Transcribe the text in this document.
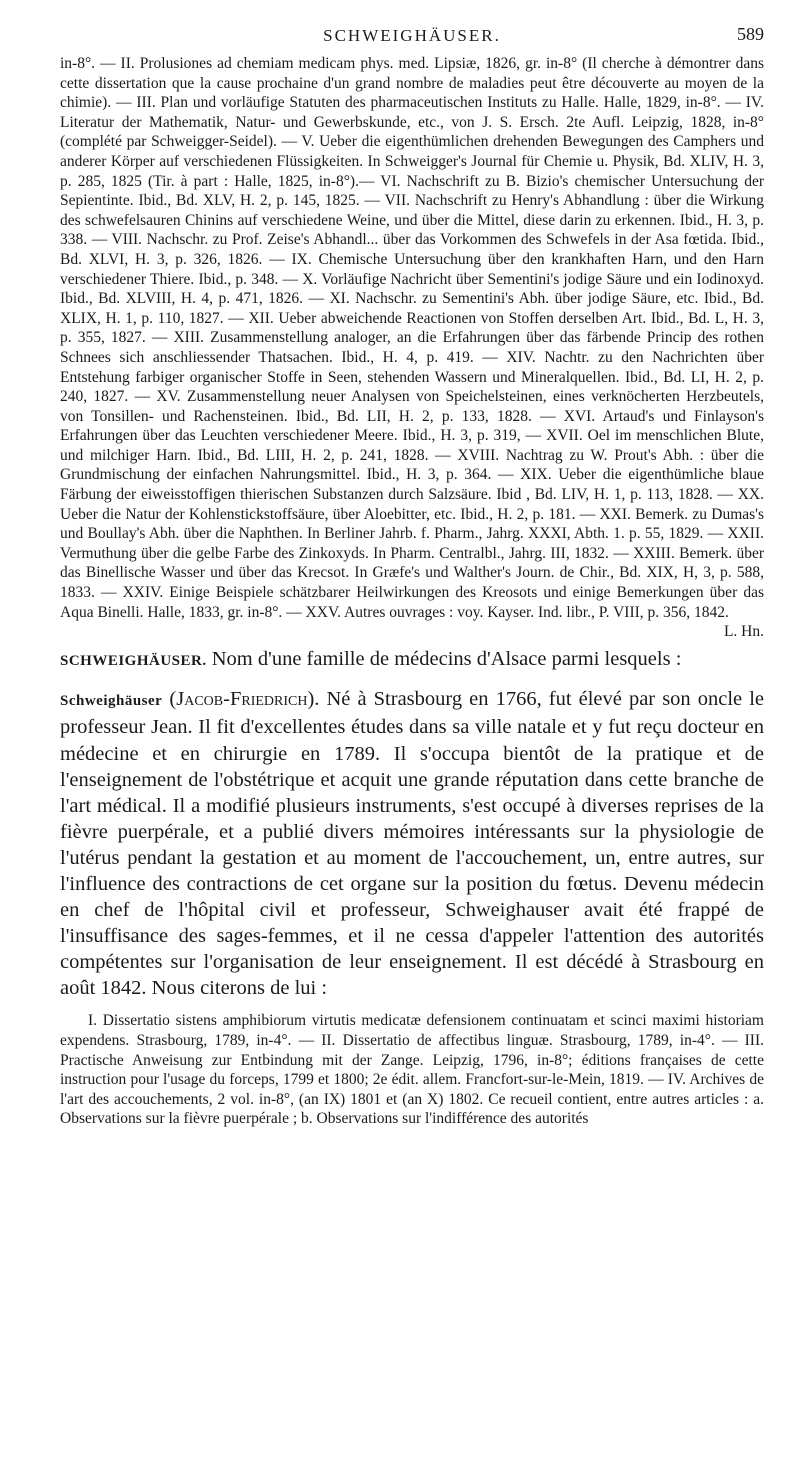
SCHWEIGHÄUSER.	589

in-8°. — II. Prolusiones ad chemiam medicam phys. med. Lipsiæ, 1826, gr. in-8° (Il cherche à démontrer dans cette dissertation que la cause prochaine d'un grand nombre de maladies peut être découverte au moyen de la chimie). — III. Plan und vorläufige Statuten des pharmaceutischen Instituts zu Halle. Halle, 1829, in-8°. — IV. Literatur der Mathematik, Natur- und Gewerbskunde, etc., von J. S. Ersch. 2te Aufl. Leipzig, 1828, in-8° (complété par Schweigger-Seidel). — V. Ueber die eigenthümlichen drehenden Bewegungen des Camphers und anderer Körper auf verschiedenen Flüssigkeiten. In Schweigger's Journal für Chemie u. Physik, Bd. XLIV, H. 3, p. 285, 1825 (Tir. à part : Halle, 1825, in-8°).— VI. Nachschrift zu B. Bizio's chemischer Untersuchung der Sepientinte. Ibid., Bd. XLV, H. 2, p. 145, 1825. — VII. Nachschrift zu Henry's Abhandlung : über die Wirkung des schwefelsauren Chinins auf verschiedene Weine, und über die Mittel, diese darin zu erkennen. Ibid., H. 3, p. 338. — VIII. Nachschr. zu Prof. Zeise's Abhandl... über das Vorkommen des Schwefels in der Asa fœtida. Ibid., Bd. XLVI, H. 3, p. 326, 1826. — IX. Chemische Untersuchung über den krankhaften Harn, und den Harn verschiedener Thiere. Ibid., p. 348. — X. Vorläufige Nachricht über Sementini's jodige Säure und ein Iodinoxyd. Ibid., Bd. XLVIII, H. 4, p. 471, 1826. — XI. Nachschr. zu Sementini's Abh. über jodige Säure, etc. Ibid., Bd. XLIX, H. 1, p. 110, 1827. — XII. Ueber abweichende Reactionen von Stoffen derselben Art. Ibid., Bd. L, H. 3, p. 355, 1827. — XIII. Zusammenstellung analoger, an die Erfahrungen über das färbende Princip des rothen Schnees sich anschliessender Thatsachen. Ibid., H. 4, p. 419. — XIV. Nachtr. zu den Nachrichten über Entstehung farbiger organischer Stoffe in Seen, stehenden Wassern und Mineralquellen. Ibid., Bd. LI, H. 2, p. 240, 1827. — XV. Zusammenstellung neuer Analysen von Speichelsteinen, eines verknöcherten Herzbeutels, von Tonsillen- und Rachensteinen. Ibid., Bd. LII, H. 2, p. 133, 1828. — XVI. Artaud's und Finlayson's Erfahrungen über das Leuchten verschiedener Meere. Ibid., H. 3, p. 319, — XVII. Oel im menschlichen Blute, und milchiger Harn. Ibid., Bd. LIII, H. 2, p. 241, 1828. — XVIII. Nachtrag zu W. Prout's Abh. : über die Grundmischung der einfachen Nahrungsmittel. Ibid., H. 3, p. 364. — XIX. Ueber die eigenthümliche blaue Färbung der eiweisstoffigen thierischen Substanzen durch Salzsäure. Ibid , Bd. LIV, H. 1, p. 113, 1828. — XX. Ueber die Natur der Kohlenstickstoffsäure, über Aloebitter, etc. Ibid., H. 2, p. 181. — XXI. Bemerk. zu Dumas's und Boullay's Abh. über die Naphthen. In Berliner Jahrb. f. Pharm., Jahrg. XXXI, Abth. 1. p. 55, 1829. — XXII. Vermuthung über die gelbe Farbe des Zinkoxyds. In Pharm. Centralbl., Jahrg. III, 1832. — XXIII. Bemerk. über das Binellische Wasser und über das Krecsot. In Græfe's und Walther's Journ. de Chir., Bd. XIX, H, 3, p. 588, 1833. — XXIV. Einige Beispiele schätzbarer Heilwirkungen des Kreosots und einige Bemerkungen über das Aqua Binelli. Halle, 1833, gr. in-8°. — XXV. Autres ouvrages : voy. Kayser. Ind. libr., P. VIII, p. 356, 1842.
L. Hn.

SCHWEIGHÄUSER. Nom d'une famille de médecins d'Alsace parmi lesquels :

Schweighäuser (Jacob-Friedrich). Né à Strasbourg en 1766, fut élevé par son oncle le professeur Jean. Il fit d'excellentes études dans sa ville natale et y fut reçu docteur en médecine et en chirurgie en 1789. Il s'occupa bientôt de la pratique et de l'enseignement de l'obstétrique et acquit une grande réputation dans cette branche de l'art médical. Il a modifié plusieurs instruments, s'est occupé à diverses reprises de la fièvre puerpérale, et a publié divers mémoires intéressants sur la physiologie de l'utérus pendant la gestation et au moment de l'accouchement, un, entre autres, sur l'influence des contractions de cet organe sur la position du fœtus. Devenu médecin en chef de l'hôpital civil et professeur, Schweighauser avait été frappé de l'insuffisance des sages-femmes, et il ne cessa d'appeler l'attention des autorités compétentes sur l'organisation de leur enseignement. Il est décédé à Strasbourg en août 1842. Nous citerons de lui :

I. Dissertatio sistens amphibiorum virtutis medicatæ defensionem continuatam et scinci maximi historiam expendens. Strasbourg, 1789, in-4°. — II. Dissertatio de affectibus linguæ. Strasbourg, 1789, in-4°. — III. Practische Anweisung zur Entbindung mit der Zange. Leipzig, 1796, in-8°; éditions françaises de cette instruction pour l'usage du forceps, 1799 et 1800; 2e édit. allem. Francfort-sur-le-Mein, 1819. — IV. Archives de l'art des accouchements, 2 vol. in-8°, (an IX) 1801 et (an X) 1802. Ce recueil contient, entre autres articles : a. Observations sur la fièvre puerpérale ; b. Observations sur l'indifférence des autorités
